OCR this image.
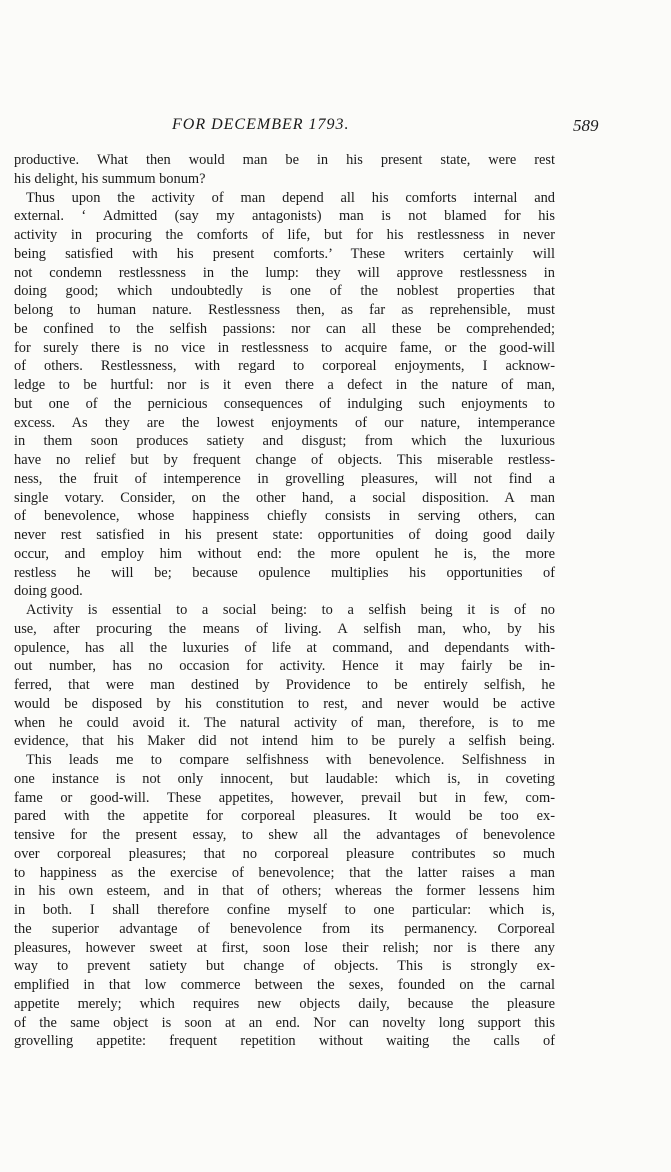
FOR DECEMBER 1793.	589
productive. What then would man be in his present state, were rest
his delight, his summum bonum?
Thus upon the activity of man depend all his comforts internal and
external. ‘ Admitted (say my antagonists) man is not blamed for his
activity in procuring the comforts of life, but for his restlessness in never
being satisfied with his present comforts.’ These writers certainly will
not condemn restlessness in the lump: they will approve restlessness in
doing good; which undoubtedly is one of the noblest properties that
belong to human nature. Restlessness then, as far as reprehensible, must
be confined to the selfish passions: nor can all these be comprehended;
for surely there is no vice in restlessness to acquire fame, or the good-will
of others. Restlessness, with regard to corporeal enjoyments, I acknow-
ledge to be hurtful: nor is it even there a defect in the nature of man,
but one of the pernicious consequences of indulging such enjoyments to
excess. As they are the lowest enjoyments of our nature, intemperance
in them soon produces satiety and disgust; from which the luxurious
have no relief but by frequent change of objects. This miserable restless-
ness, the fruit of intemperence in grovelling pleasures, will not find a
single votary. Consider, on the other hand, a social disposition. A man
of benevolence, whose happiness chiefly consists in serving others, can
never rest satisfied in his present state: opportunities of doing good daily
occur, and employ him without end: the more opulent he is, the more
restless he will be; because opulence multiplies his opportunities of
doing good.
Activity is essential to a social being: to a selfish being it is of no
use, after procuring the means of living. A selfish man, who, by his
opulence, has all the luxuries of life at command, and dependants with-
out number, has no occasion for activity. Hence it may fairly be in-
ferred, that were man destined by Providence to be entirely selfish, he
would be disposed by his constitution to rest, and never would be active
when he could avoid it. The natural activity of man, therefore, is to me
evidence, that his Maker did not intend him to be purely a selfish being.
This leads me to compare selfishness with benevolence. Selfishness in
one instance is not only innocent, but laudable: which is, in coveting
fame or good-will. These appetites, however, prevail but in few, com-
pared with the appetite for corporeal pleasures. It would be too ex-
tensive for the present essay, to shew all the advantages of benevolence
over corporeal pleasures; that no corporeal pleasure contributes so much
to happiness as the exercise of benevolence; that the latter raises a man
in his own esteem, and in that of others; whereas the former lessens him
in both. I shall therefore confine myself to one particular: which is,
the superior advantage of benevolence from its permanency. Corporeal
pleasures, however sweet at first, soon lose their relish; nor is there any
way to prevent satiety but change of objects. This is strongly ex-
emplified in that low commerce between the sexes, founded on the carnal
appetite merely; which requires new objects daily, because the pleasure
of the same object is soon at an end. Nor can novelty long support this
grovelling appetite: frequent repetition without waiting the calls of
